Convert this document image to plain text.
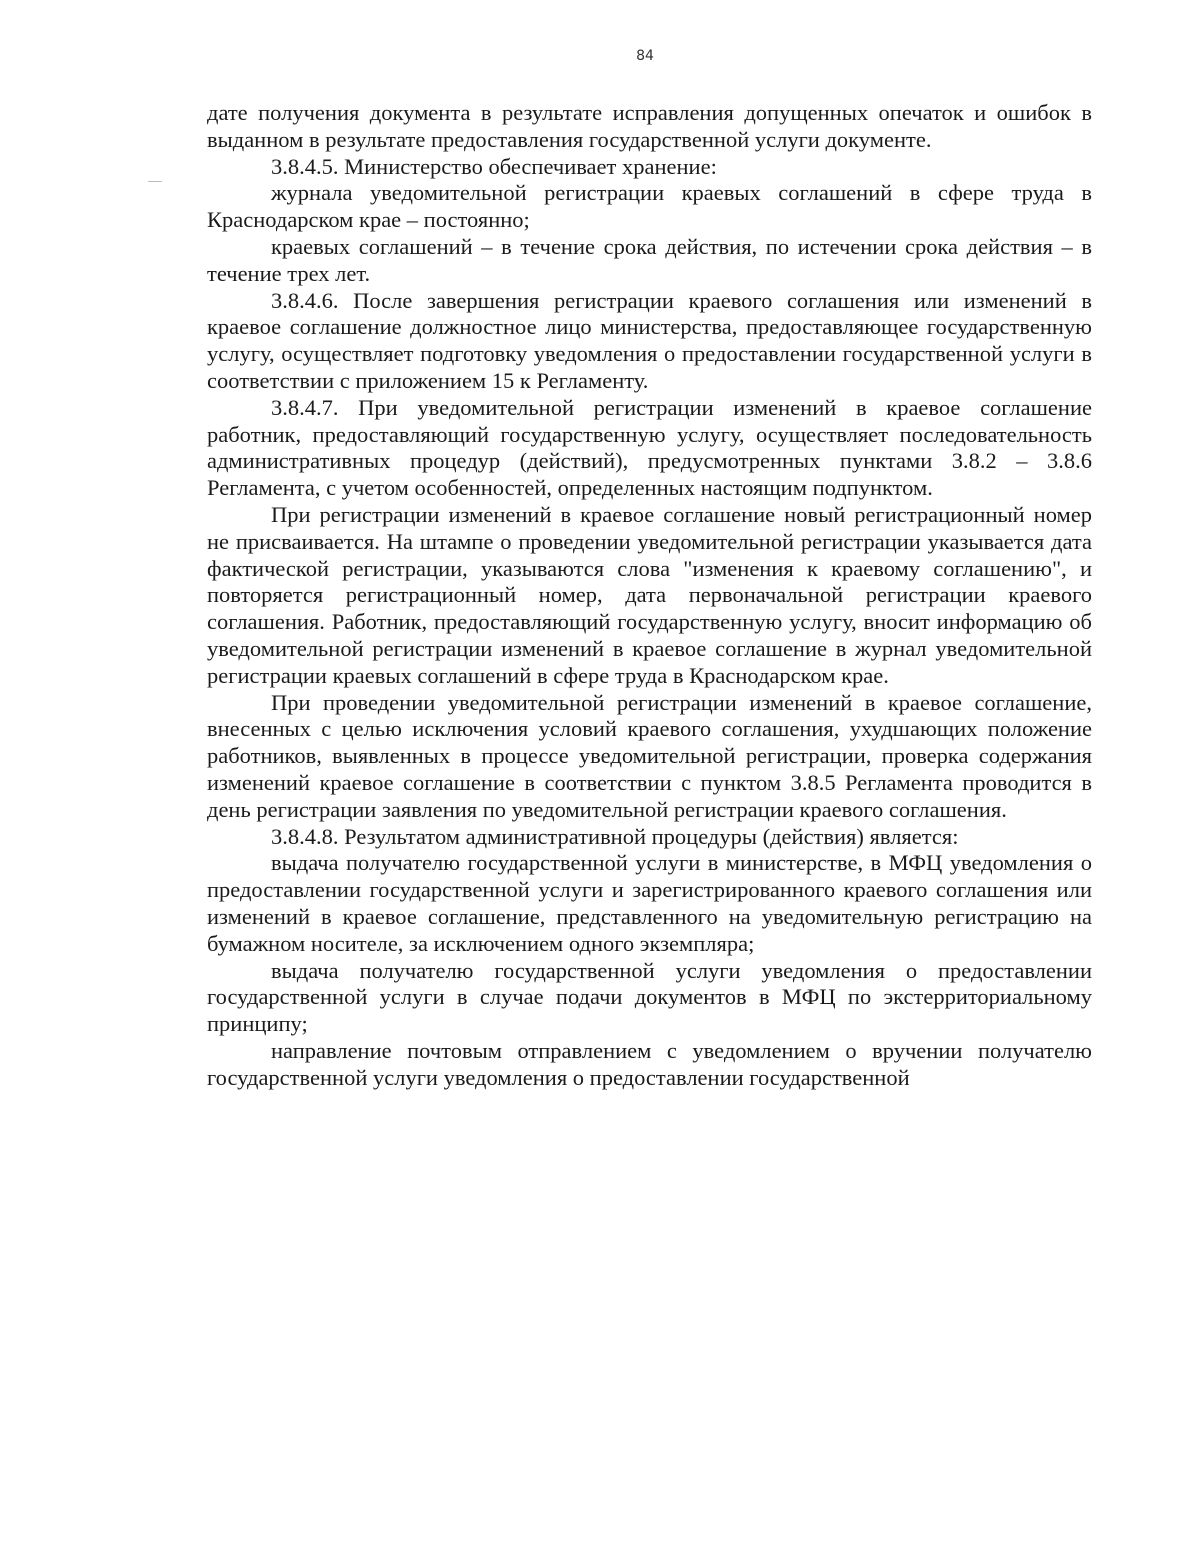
84

дате получения документа в результате исправления допущенных опечаток и ошибок в выданном в результате предоставления государственной услуги документе.

3.8.4.5. Министерство обеспечивает хранение:

журнала уведомительной регистрации краевых соглашений в сфере труда в Краснодарском крае – постоянно;

краевых соглашений – в течение срока действия, по истечении срока действия – в течение трех лет.

3.8.4.6. После завершения регистрации краевого соглашения или изменений в краевое соглашение должностное лицо министерства, предоставляющее государственную услугу, осуществляет подготовку уведомления о предоставлении государственной услуги в соответствии с приложением 15 к Регламенту.

3.8.4.7. При уведомительной регистрации изменений в краевое соглашение работник, предоставляющий государственную услугу, осуществляет последовательность административных процедур (действий), предусмотренных пунктами 3.8.2 – 3.8.6 Регламента, с учетом особенностей, определенных настоящим подпунктом.

При регистрации изменений в краевое соглашение новый регистрационный номер не присваивается. На штампе о проведении уведомительной регистрации указывается дата фактической регистрации, указываются слова "изменения к краевому соглашению", и повторяется регистрационный номер, дата первоначальной регистрации краевого соглашения. Работник, предоставляющий государственную услугу, вносит информацию об уведомительной регистрации изменений в краевое соглашение в журнал уведомительной регистрации краевых соглашений в сфере труда в Краснодарском крае.

При проведении уведомительной регистрации изменений в краевое соглашение, внесенных с целью исключения условий краевого соглашения, ухудшающих положение работников, выявленных в процессе уведомительной регистрации, проверка содержания изменений краевое соглашение в соответствии с пунктом 3.8.5 Регламента проводится в день регистрации заявления по уведомительной регистрации краевого соглашения.

3.8.4.8. Результатом административной процедуры (действия) является:

выдача получателю государственной услуги в министерстве, в МФЦ уведомления о предоставлении государственной услуги и зарегистрированного краевого соглашения или изменений в краевое соглашение, представленного на уведомительную регистрацию на бумажном носителе, за исключением одного экземпляра;

выдача получателю государственной услуги уведомления о предоставлении государственной услуги в случае подачи документов в МФЦ по экстерриториальному принципу;

направление почтовым отправлением с уведомлением о вручении получателю государственной услуги уведомления о предоставлении государственной
